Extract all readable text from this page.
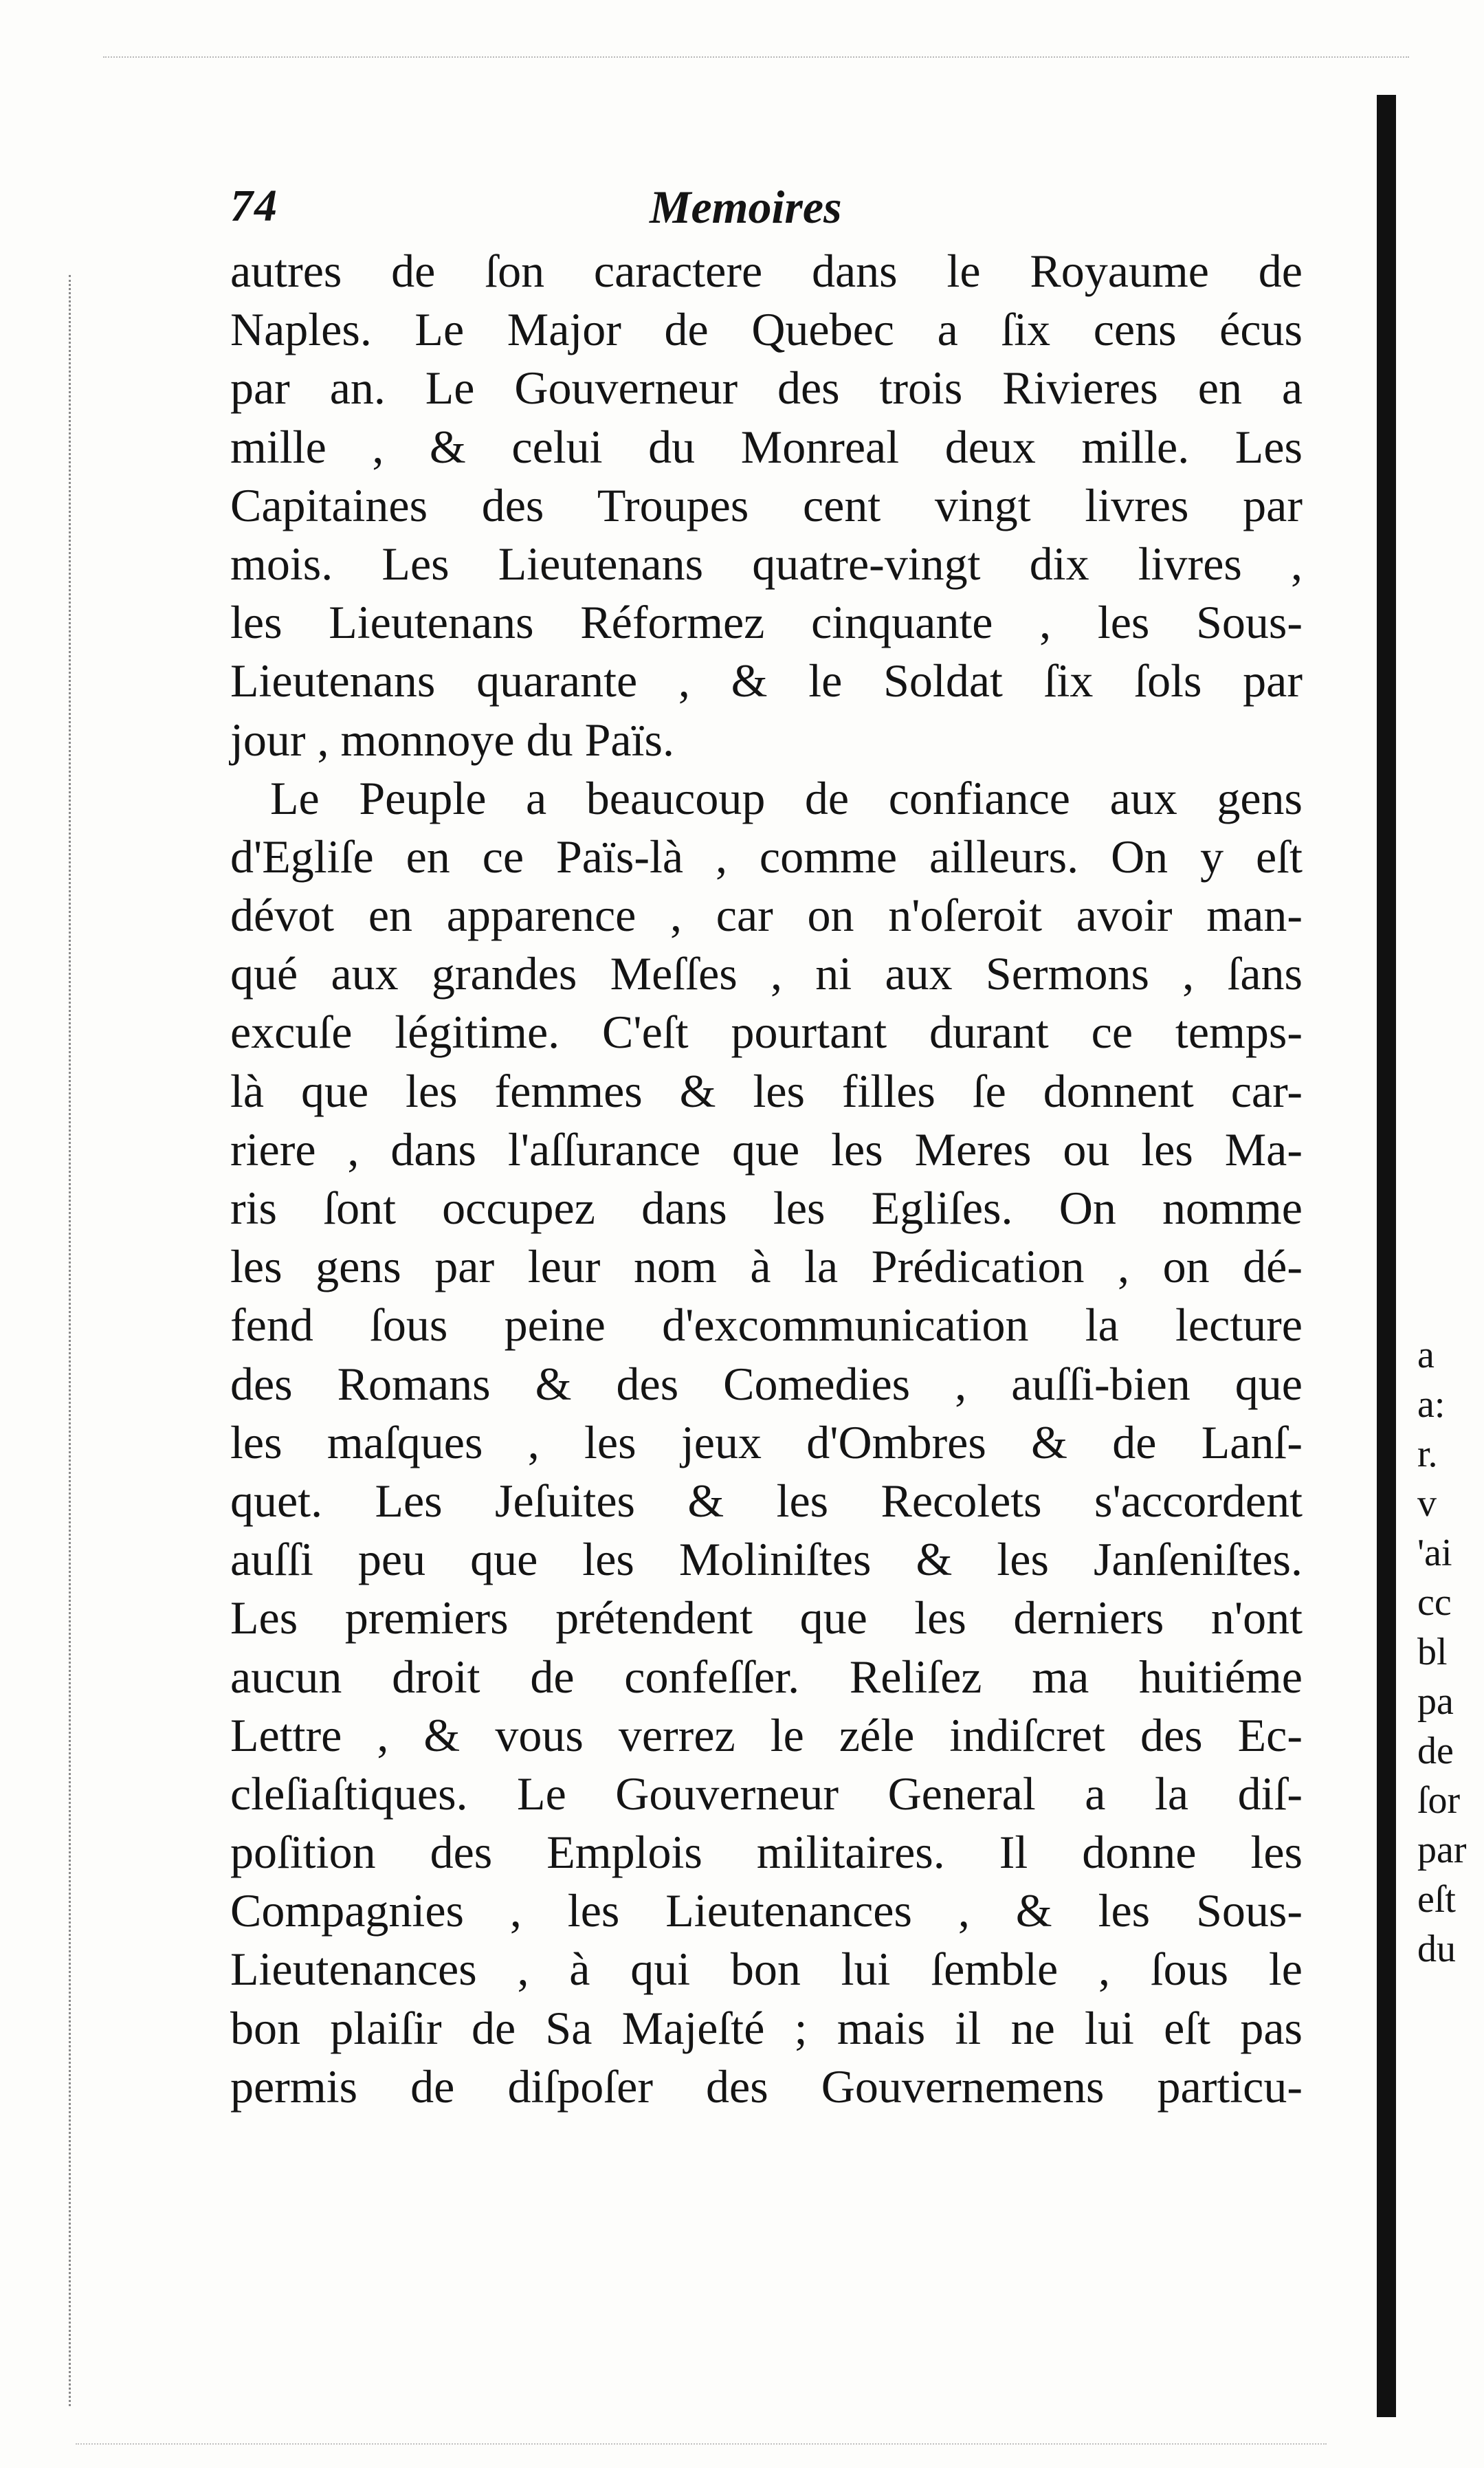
74	Memoires
autres de ſon caractere dans le Royaume de
Naples. Le Major de Quebec a ſix cens écus
par an. Le Gouverneur des trois Rivieres en a
mille , & celui du Monreal deux mille. Les
Capitaines des Troupes cent vingt livres par
mois. Les Lieutenans quatre-vingt dix livres ,
les Lieutenans Réformez cinquante , les Sous-
Lieutenans quarante , & le Soldat ſix ſols par
jour , monnoye du Païs.
Le Peuple a beaucoup de confiance aux gens
d'Egliſe en ce Païs-là , comme ailleurs. On y eſt
dévot en apparence , car on n'oſeroit avoir man-
qué aux grandes Meſſes , ni aux Sermons , ſans
excuſe légitime. C'eſt pourtant durant ce temps-
là que les femmes & les filles ſe donnent car-
riere , dans l'aſſurance que les Meres ou les Ma-
ris ſont occupez dans les Egliſes. On nomme
les gens par leur nom à la Prédication , on dé-
fend ſous peine d'excommunication la lecture
des Romans & des Comedies , auſſi-bien que
les maſques , les jeux d'Ombres & de Lanſ-
quet. Les Jeſuites & les Recolets s'accordent
auſſi peu que les Moliniſtes & les Janſeniſtes.
Les premiers prétendent que les derniers n'ont
aucun droit de confeſſer. Reliſez ma huitiéme
Lettre , & vous verrez le zéle indiſcret des Ec-
cleſiaſtiques. Le Gouverneur General a la diſ-
poſition des Emplois militaires. Il donne les
Compagnies , les Lieutenances , & les Sous-
Lieutenances , à qui bon lui ſemble , ſous le
bon plaiſir de Sa Majeſté ; mais il ne lui eſt pas
permis de diſpoſer des Gouvernemens particu-
a
a:
r.
v
'ai
cc
bl
pa
de
ſor
par
eſt
du
